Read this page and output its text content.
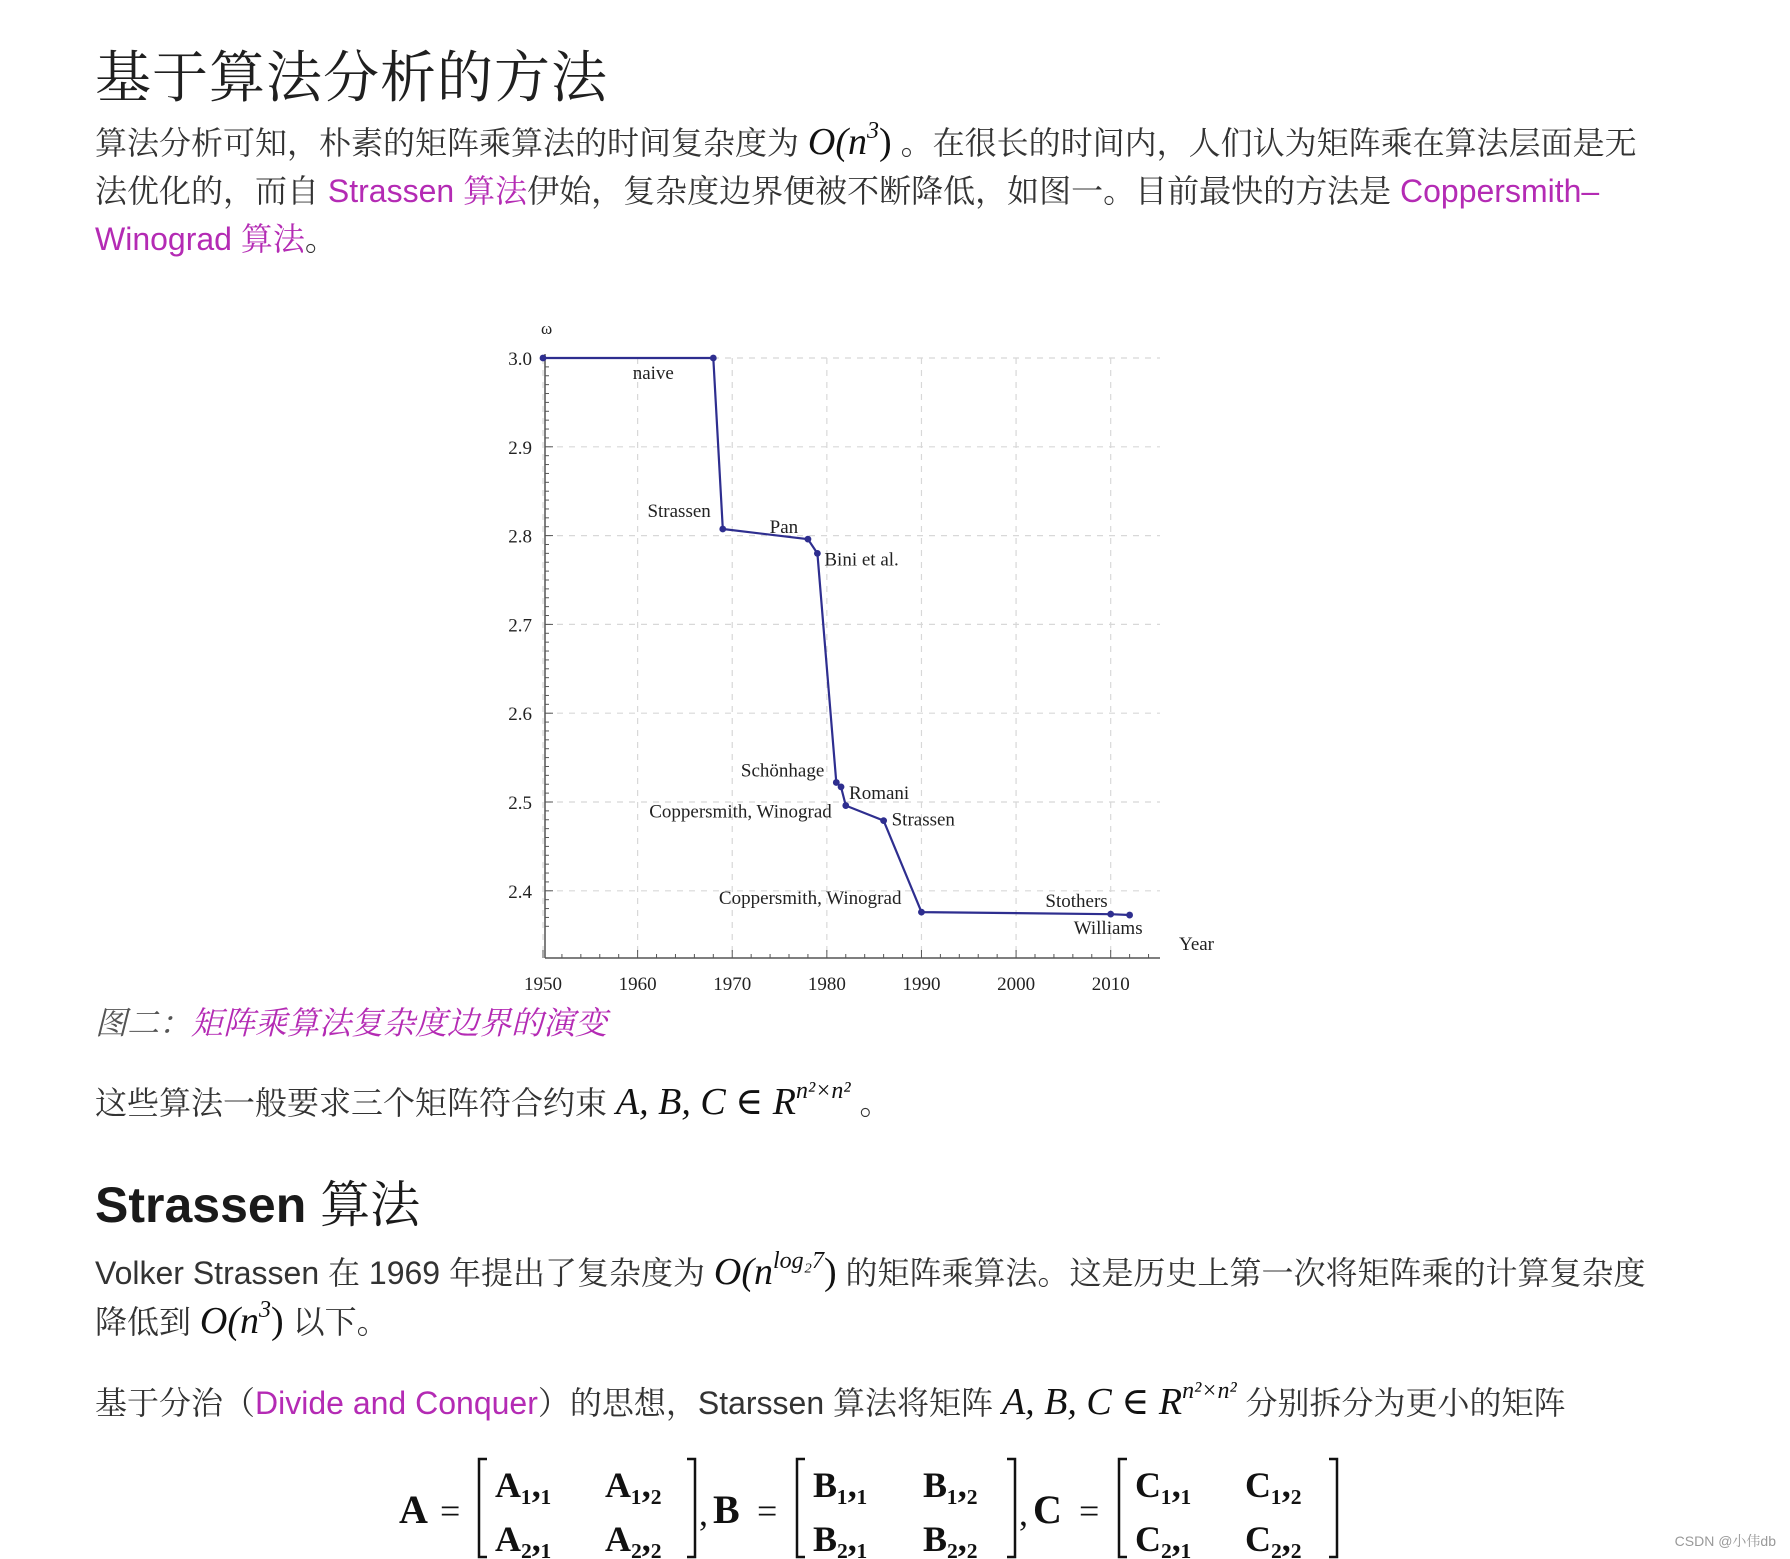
基于算法分析的方法
算法分析可知，朴素的矩阵乘算法的时间复杂度为 $O(n^3)$ 。在很长的时间内，人们认为矩阵乘在算法层面是无法优化的，而自 Strassen 算法伊始，复杂度边界便被不断降低，如图一。目前最快的方法是 Coppersmith–Winograd 算法。
3.0
2.9
2.8
2.7
2.6
2.5
2.4
1950	1960	1970	1980	1990	2000	2010
ω
Year
naive
Strassen
Pan
Bini et al.
Schönhage
Romani
Coppersmith, Winograd	Strassen
Coppersmith, Winograd	Stothers
Williams
图二：矩阵乘算法复杂度边界的演变
这些算法一般要求三个矩阵符合约束 A, B, C ∈ $R^{n^2\times n^2}$ 。
Strassen 算法
Volker Strassen 在 1969 年提出了复杂度为 $O(n^{log_27})$ 的矩阵乘算法。这是历史上第一次将矩阵乘的计算复杂度降低到 $O(n^3)$ 以下。
基于分治（Divide and Conquer）的思想，Starssen 算法将矩阵 A, B, C ∈ $R^{n^2\times n^2}$ 分别拆分为更小的矩阵
A =
A₁,₁ A₁,₂
A₂,₁ A₂,₂
, B =
B₁,₁ B₁,₂
B₂,₁ B₂,₂
, C =
C₁,₁ C₁,₂
C₂,₁ C₂,₂	CSDN @小伟db
